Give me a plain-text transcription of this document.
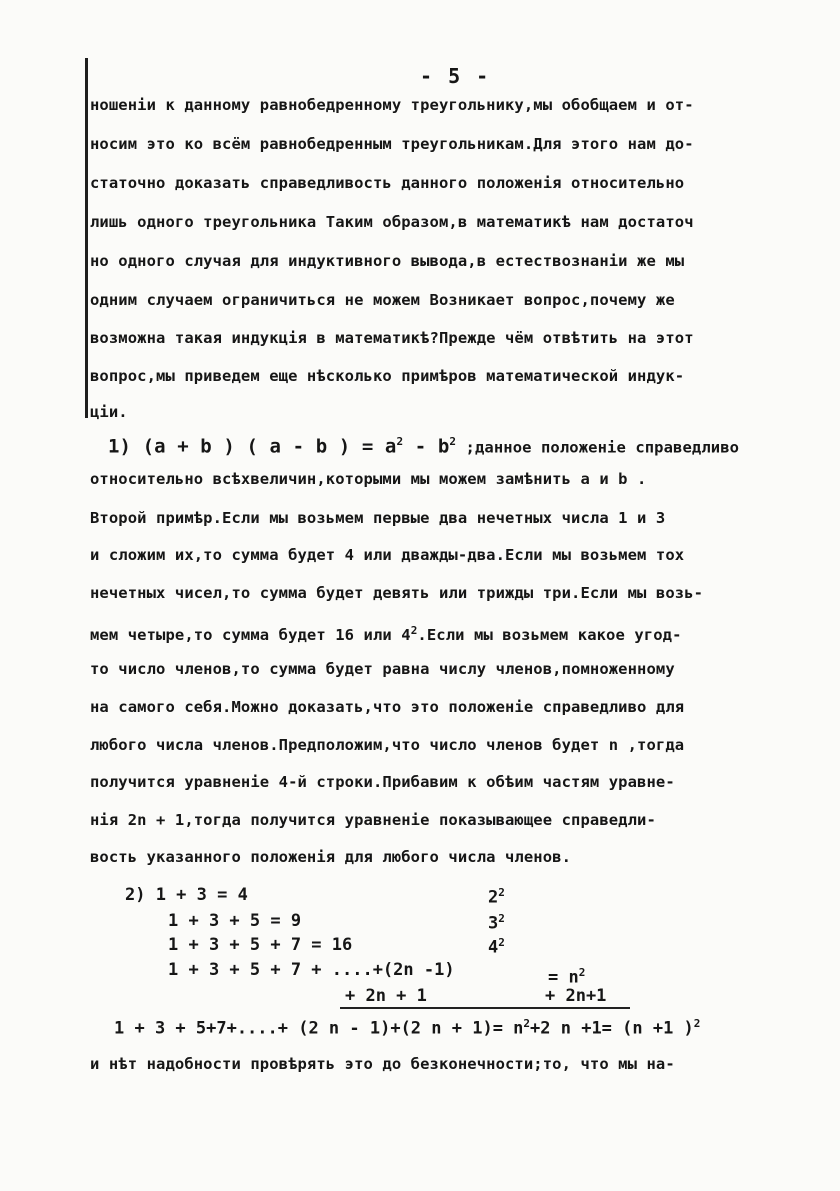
- 5 -
ношенiи к данному равнобедренному треугольнику,мы обобщаем и от-
носим это ко всём равнобедренным треугольникам.Для этого нам до-
статочно доказать справедливость данного положенiя относительно
лишь одного треугольника Таким образом,в математикѣ нам достаточ
но одного случая для индуктивного вывода,в естествознанiи же мы
одним случаем ограничиться не можем Возникает вопрос,почему же
возможна такая индукцiя в математикѣ?Прежде чём отвѣтить на этот
вопрос,мы приведем еще нѣсколько примѣров математической индук-
цiи.
1) (a + b ) ( a - b ) = $a^2 - b^2$ ;данное положенiе справедливо
относительно всѣхвеличин,которыми мы можем замѣнить a и b .
Второй примѣр.Если мы возьмем первые два нечетных числа 1 и 3
и сложим их,то сумма будет 4 или дважды-два.Если мы возьмем тох
нечетных чисел,то сумма будет девять или трижды три.Если мы возь-
мем четыре,то сумма будет 16 или $4^2.Если$ мы возьмем какое угод-
то число членов,то сумма будет равна числу членов,помноженному
на самого себя.Можно доказать,что это положенiе справедливо для
любого числа членов.Предположим,что число членов будет n ,тогда
получится уравненiе 4-й строки.Прибавим к обѣим частям уравне-
нiя 2n + 1,тогда получится уравненiе показывающее справедли-
вость указанного положенiя для любого числа членов.
2) 1 + 3 = 4	$2^2$
1 + 3 + 5 = 9	$3^2$
1 + 3 + 5 + 7 = 16	$4^2$
1 + 3 + 5 + 7 + ....+(2n -1)	= $n^2$
+ 2n + 1	+ 2n+1
1 + 3 + 5+7+....+ (2 n - 1)+(2 $n + 1)= n^2+2$ n +1= (n +1 )$^2$
и нѣт надобности провѣрять это до безконечности;то, что мы на-
